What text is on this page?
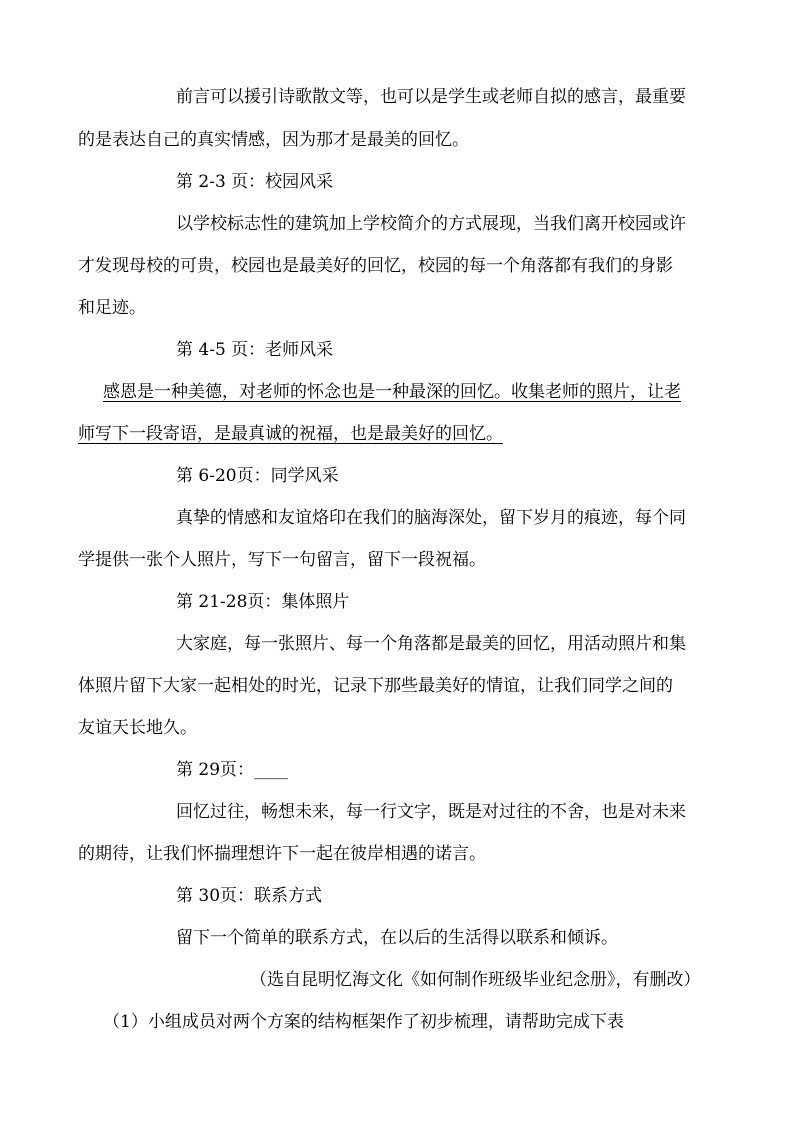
前言可以援引诗歌散文等，也可以是学生或老师自拟的感言，最重要
的是表达自己的真实情感，因为那才是最美的回忆。
第 2-3 页：校园风采
以学校标志性的建筑加上学校简介的方式展现，当我们离开校园或许
才发现母校的可贵，校园也是最美好的回忆，校园的每一个角落都有我们的身影
和足迹。
第 4-5 页：老师风采
感恩是一种美德，对老师的怀念也是一种最深的回忆。收集老师的照片，让老
师写下一段寄语，是最真诚的祝福，也是最美好的回忆。
第 6-20页：同学风采
真挚的情感和友谊烙印在我们的脑海深处，留下岁月的痕迹，每个同
学提供一张个人照片，写下一句留言，留下一段祝福。
第 21-28页：集体照片
大家庭，每一张照片、每一个角落都是最美的回忆，用活动照片和集
体照片留下大家一起相处的时光，记录下那些最美好的情谊，让我们同学之间的
友谊天长地久。
第 29页：____
回忆过往，畅想未来，每一行文字，既是对过往的不舍，也是对未来
的期待，让我们怀揣理想许下一起在彼岸相遇的诺言。
第 30页：联系方式
留下一个简单的联系方式，在以后的生活得以联系和倾诉。
（选自昆明忆海文化《如何制作班级毕业纪念册》，有删改）
（1）小组成员对两个方案的结构框架作了初步梳理，请帮助完成下表
